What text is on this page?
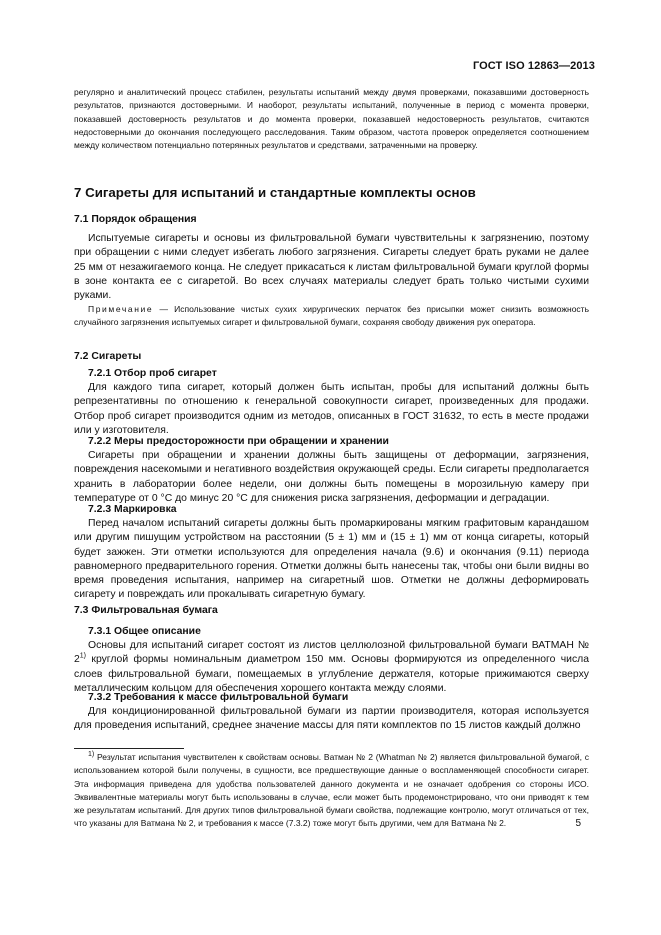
ГОСТ ISO 12863—2013

регулярно и аналитический процесс стабилен, результаты испытаний между двумя проверками, показавшими достоверность результатов, признаются достоверными. И наоборот, результаты испытаний, полученные в период с момента проверки, показавшей достоверность результатов и до момента проверки, показавшей недостоверность результатов, считаются недостоверными до окончания последующего расследования. Таким образом, частота проверок определяется соотношением между количеством потенциально потерянных результатов и средствами, затраченными на проверку.

7 Сигареты для испытаний и стандартные комплекты основ

7.1 Порядок обращения

Испытуемые сигареты и основы из фильтровальной бумаги чувствительны к загрязнению, поэтому при обращении с ними следует избегать любого загрязнения. Сигареты следует брать руками не далее 25 мм от незажигаемого конца. Не следует прикасаться к листам фильтровальной бумаги круглой формы в зоне контакта ее с сигаретой. Во всех случаях материалы следует брать только чистыми сухими руками.

Примечание — Использование чистых сухих хирургических перчаток без присыпки может снизить возможность случайного загрязнения испытуемых сигарет и фильтровальной бумаги, сохраняя свободу движения рук оператора.

7.2 Сигареты

7.2.1 Отбор проб сигарет

Для каждого типа сигарет, который должен быть испытан, пробы для испытаний должны быть репрезентативны по отношению к генеральной совокупности сигарет, произведенных для продажи. Отбор проб сигарет производится одним из методов, описанных в ГОСТ 31632, то есть в месте продажи или у изготовителя.

7.2.2 Меры предосторожности при обращении и хранении

Сигареты при обращении и хранении должны быть защищены от деформации, загрязнения, повреждения насекомыми и негативного воздействия окружающей среды. Если сигареты предполагается хранить в лаборатории более недели, они должны быть помещены в морозильную камеру при температуре от 0 °С до минус 20 °С для снижения риска загрязнения, деформации и деградации.

7.2.3 Маркировка

Перед началом испытаний сигареты должны быть промаркированы мягким графитовым карандашом или другим пишущим устройством на расстоянии (5 ± 1) мм и (15 ± 1) мм от конца сигареты, который будет зажжен. Эти отметки используются для определения начала (9.6) и окончания (9.11) периода равномерного предварительного горения. Отметки должны быть нанесены так, чтобы они были видны во время проведения испытания, например на сигаретный шов. Отметки не должны деформировать сигарету и повреждать или прокалывать сигаретную бумагу.

7.3 Фильтровальная бумага

7.3.1 Общее описание

Основы для испытаний сигарет состоят из листов целлюлозной фильтровальной бумаги ВАТМАН № 2$^{1)}$ круглой формы номинальным диаметром 150 мм. Основы формируются из определенного числа слоев фильтровальной бумаги, помещаемых в углубление держателя, которые прижимаются сверху металлическим кольцом для обеспечения хорошего контакта между слоями.

7.3.2 Требования к массе фильтровальной бумаги

Для кондиционированной фильтровальной бумаги из партии производителя, которая используется для проведения испытаний, среднее значение массы для пяти комплектов по 15 листов каждый должно

$^{1)}$ Результат испытания чувствителен к свойствам основы. Ватман № 2 (Whatman № 2) является фильтровальной бумагой, с использованием которой были получены, в сущности, все предшествующие данные о воспламеняющей способности сигарет. Эта информация приведена для удобства пользователей данного документа и не означает одобрения со стороны ИСО. Эквивалентные материалы могут быть использованы в случае, если может быть продемонстрировано, что они приводят к тем же результатам испытаний. Для других типов фильтровальной бумаги свойства, подлежащие контролю, могут отличаться от тех, что указаны для Ватмана № 2, и требования к массе (7.3.2) тоже могут быть другими, чем для Ватмана № 2.	5
